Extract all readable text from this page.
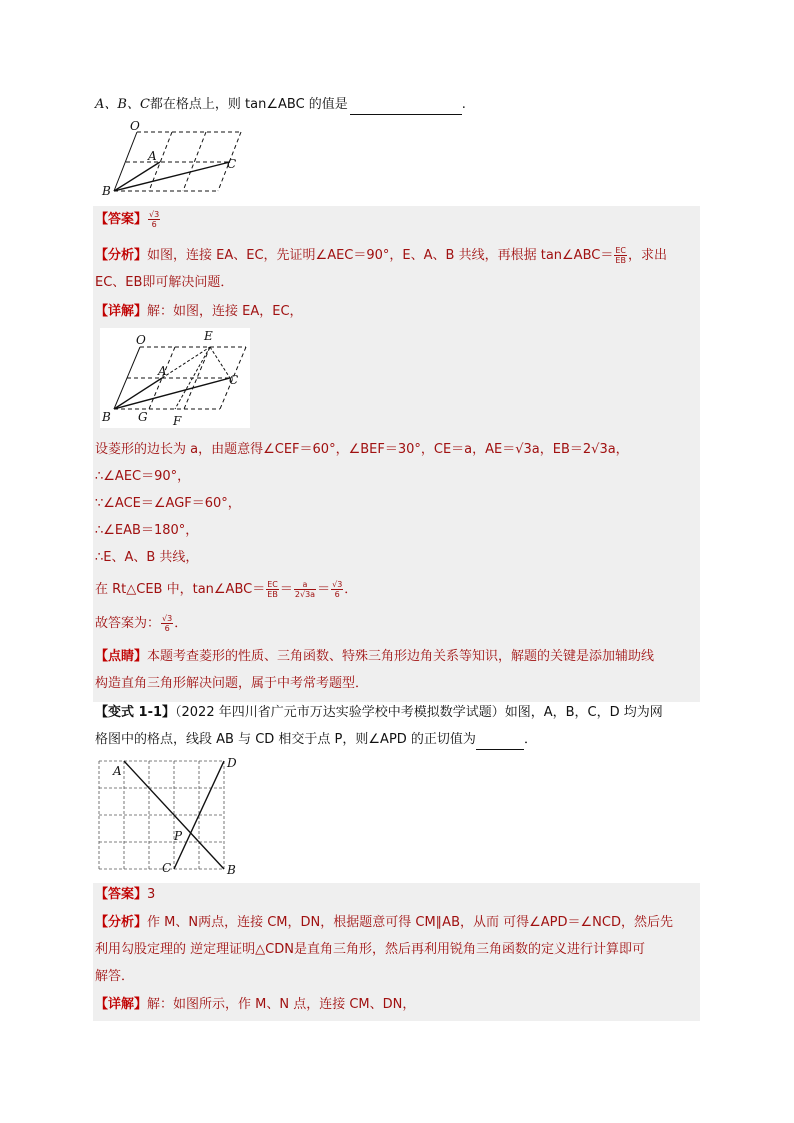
A、B、C都在格点上，则 tan∠ABC 的值是	.
O
A
C
B
【答案】 $\frac{√3}{6}$
【分析】如图，连接 EA、EC，先证明∠AEC＝90°，E、A、B 共线，再根据 tan∠ABC＝ $\frac{EC}{EB}$ ，求出
EC、EB即可解决问题．
【详解】解：如图，连接 EA，EC，
O	E
A
C
B G F
设菱形的边长为 a，由题意得∠CEF＝60°，∠BEF＝30°，CE＝a，AE＝√3a，EB＝2√3a，
∴∠AEC＝90°，
∵∠ACE＝∠AGF＝60°，
∴∠EAB＝180°，
∴E、A、B 共线，
在 Rt△CEB 中，tan∠ABC＝ $\frac{EC}{EB} = \frac{a}{2√3a} = \frac{√3}{6}$ ．
故答案为： $\frac{√3}{6}$ ．
【点睛】本题考查菱形的性质、三角函数、特殊三角形边角关系等知识，解题的关键是添加辅助线
构造直角三角形解决问题，属于中考常考题型．
【变式 1-1】（2022 年四川省广元市万达实验学校中考模拟数学试题）如图，A，B，C，D 均为网
格图中的格点，线段 AB 与 CD 相交于点 P，则∠APD 的正切值为	．
A
D
P
C	B
【答案】3
【分析】作 M、N两点，连接 CM，DN，根据题意可得 CM∥AB，从而 可得∠APD＝∠NCD，然后先
利用勾股定理的 逆定理证明△CDN是直角三角形，然后再利用锐角三角函数的定义进行计算即可
解答．
【详解】解：如图所示，作 M、N 点，连接 CM、DN，
